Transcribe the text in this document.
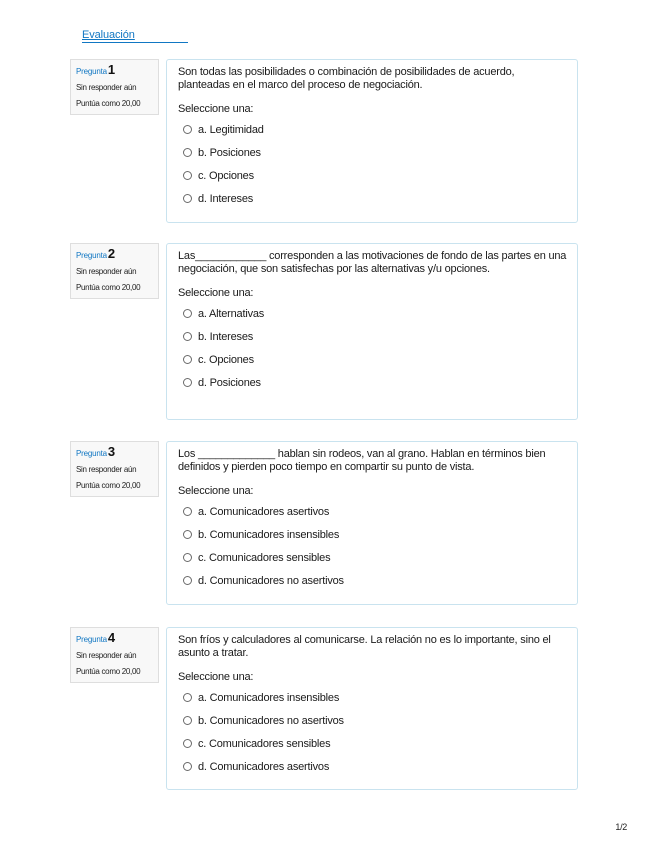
Evaluación
Pregunta1
Sin responder aún
Puntúa como 20,00
Son todas las posibilidades o combinación de posibilidades de acuerdo, planteadas en el marco del proceso de negociación.
Seleccione una:
a. Legitimidad
b. Posiciones
c. Opciones
d. Intereses
Pregunta2
Sin responder aún
Puntúa como 20,00
Las____________ corresponden a las motivaciones de fondo de las partes en una negociación, que son satisfechas por las alternativas y/u opciones.
Seleccione una:
a. Alternativas
b. Intereses
c. Opciones
d. Posiciones
Pregunta3
Sin responder aún
Puntúa como 20,00
Los _____________ hablan sin rodeos, van al grano. Hablan en términos bien definidos y pierden poco tiempo en compartir su punto de vista.
Seleccione una:
a. Comunicadores asertivos
b. Comunicadores insensibles
c. Comunicadores sensibles
d. Comunicadores no asertivos
Pregunta4
Sin responder aún
Puntúa como 20,00
Son fríos y calculadores al comunicarse. La relación no es lo importante, sino el asunto a tratar.
Seleccione una:
a. Comunicadores insensibles
b. Comunicadores no asertivos
c. Comunicadores sensibles
d. Comunicadores asertivos
1/2
